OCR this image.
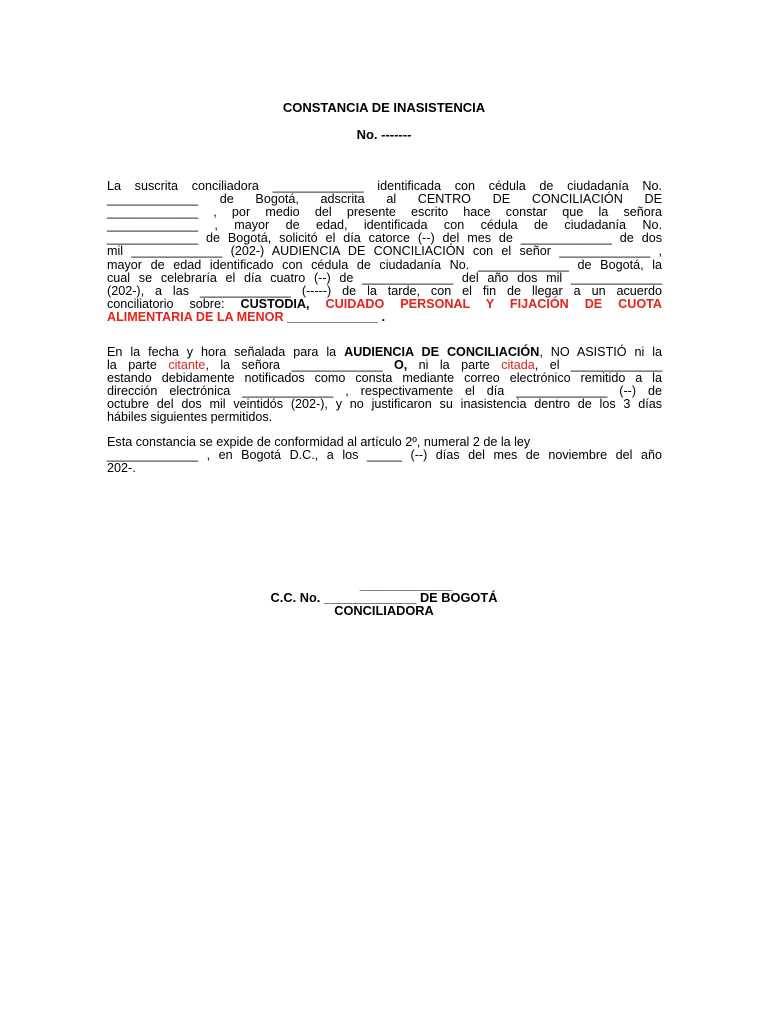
CONSTANCIA DE INASISTENCIA
No. -------
La suscrita conciliadora _____________ identificada con cédula de ciudadanía No.
_____________ de Bogotá, adscrita al CENTRO DE CONCILIACIÓN DE
_____________ , por medio del presente escrito hace constar que la señora
_____________ , mayor de edad, identificada con cédula de ciudadanía No.
_____________ de Bogotá, solicitó el día catorce (--) del mes de _____________ de dos
mil _____________ (202-) AUDIENCIA DE CONCILIACIÓN con el señor _____________ ,
mayor de edad identificado con cédula de ciudadanía No. _____________ de Bogotá, la
cual se celebraría el día cuatro (--) de _____________ del año dos mil _____________
(202-), a las _____________ (-----) de la tarde, con el fin de llegar a un acuerdo
conciliatorio sobre: CUSTODIA, CUIDADO PERSONAL Y FIJACIÓN DE CUOTA
ALIMENTARIA DE LA MENOR _____________ .
En la fecha y hora señalada para la AUDIENCIA DE CONCILIACIÓN, NO ASISTIÓ ni la
la parte citante, la señora _____________ O, ni la parte citada, el _____________
estando debidamente notificados como consta mediante correo electrónico remitido a la
dirección electrónica _____________ , respectivamente el día _____________ (--) de
octubre del dos mil veintidós (202-), y no justificaron su inasistencia dentro de los 3 días
hábiles siguientes permitidos.
Esta constancia se expide de conformidad al artículo 2º, numeral 2 de la ley
_____________ , en Bogotá D.C., a los _____ (--) días del mes de noviembre del año
202-.
_____________
C.C. No. _____________ DE BOGOTÁ
CONCILIADORA
